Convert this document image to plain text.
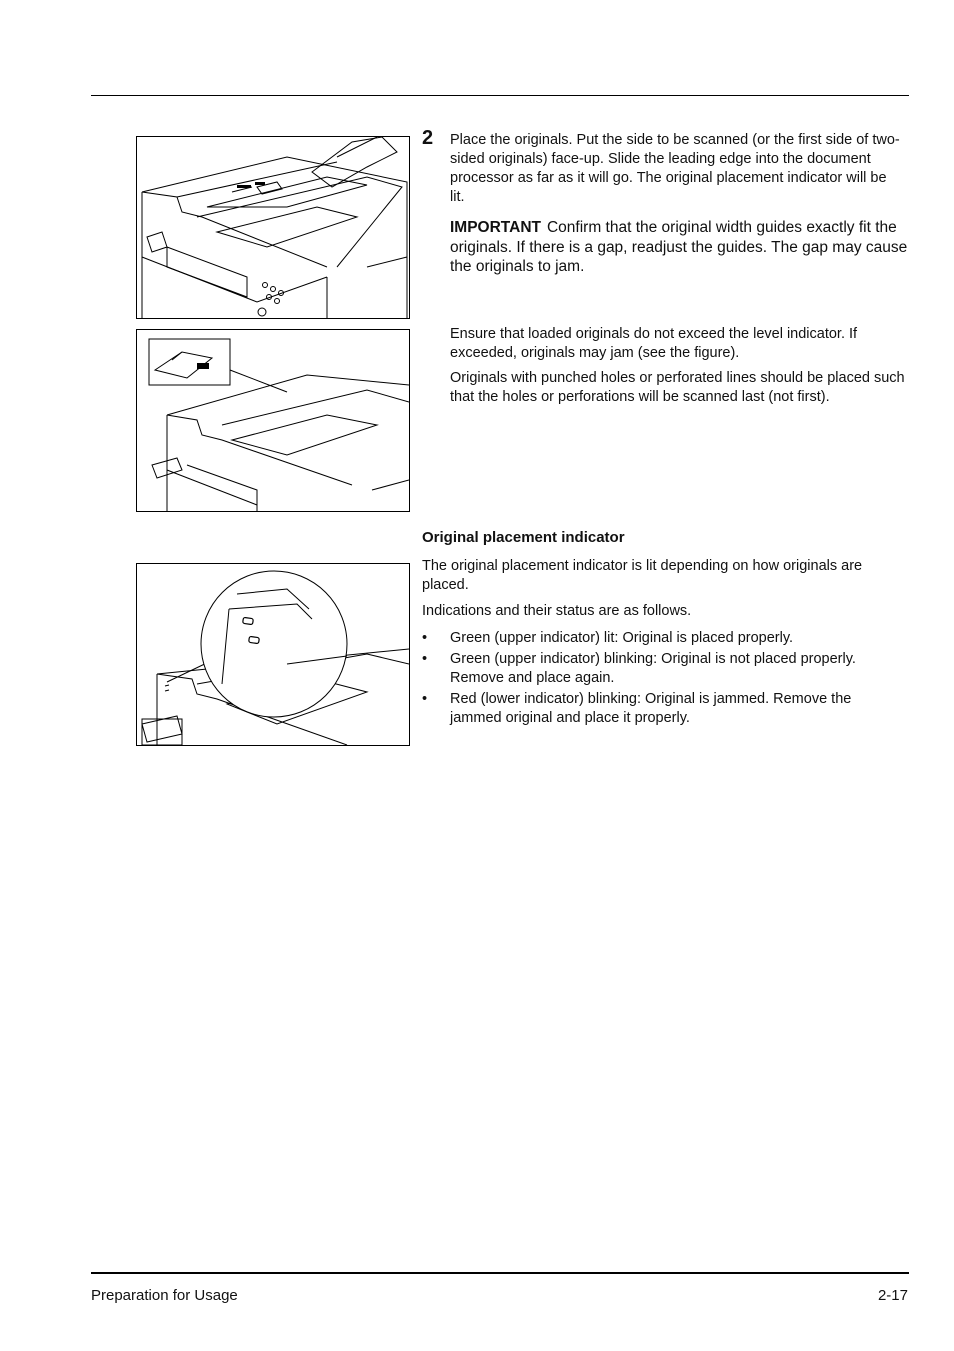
2 Place the originals. Put the side to be scanned (or the first side of two-sided originals) face-up. Slide the leading edge into the document processor as far as it will go. The original placement indicator will be lit.
IMPORTANT Confirm that the original width guides exactly fit the originals. If there is a gap, readjust the guides. The gap may cause the originals to jam.
Ensure that loaded originals do not exceed the level indicator. If exceeded, originals may jam (see the figure).
Originals with punched holes or perforated lines should be placed such that the holes or perforations will be scanned last (not first).
Original placement indicator
The original placement indicator is lit depending on how originals are placed.
Indications and their status are as follows.
• Green (upper indicator) lit: Original is placed properly.
• Green (upper indicator) blinking: Original is not placed properly. Remove and place again.
• Red (lower indicator) blinking: Original is jammed. Remove the jammed original and place it properly.
Preparation for Usage	2-17
